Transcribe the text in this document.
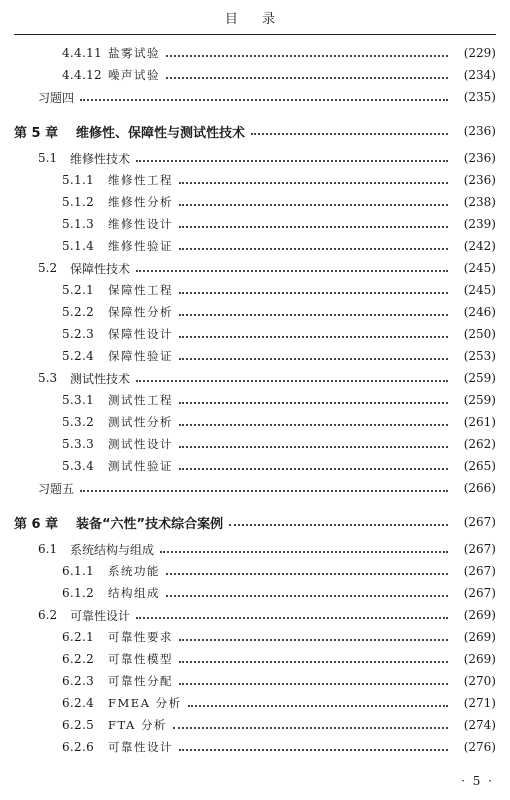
目 录
4.4.11 盐雾试验	(229)
4.4.12 噪声试验	(234)
习题四	(235)
第 5 章	维修性、保障性与测试性技术	(236)
5.1	维修性技术	(236)
5.1.1	维修性工程	(236)
5.1.2	维修性分析	(238)
5.1.3	维修性设计	(239)
5.1.4	维修性验证	(242)
5.2	保障性技术	(245)
5.2.1	保障性工程	(245)
5.2.2	保障性分析	(246)
5.2.3	保障性设计	(250)
5.2.4	保障性验证	(253)
5.3	测试性技术	(259)
5.3.1	测试性工程	(259)
5.3.2	测试性分析	(261)
5.3.3	测试性设计	(262)
5.3.4	测试性验证	(265)
习题五	(266)
第 6 章	装备“六性”技术综合案例	(267)
6.1	系统结构与组成	(267)
6.1.1	系统功能	(267)
6.1.2	结构组成	(267)
6.2	可靠性设计	(269)
6.2.1	可靠性要求	(269)
6.2.2	可靠性模型	(269)
6.2.3	可靠性分配	(270)
6.2.4	FMEA 分析	(271)
6.2.5	FTA 分析	(274)
6.2.6	可靠性设计	(276)
· 5 ·
